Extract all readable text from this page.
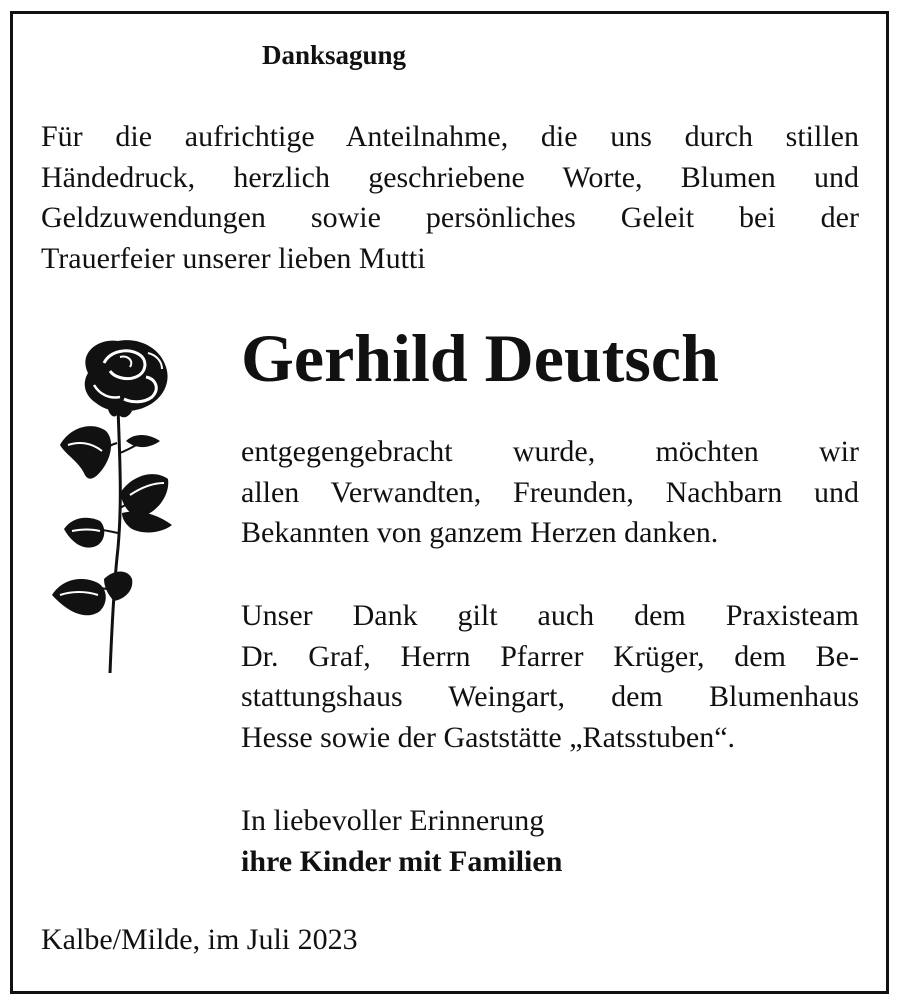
Danksagung
Für die aufrichtige Anteilnahme, die uns durch stillen
Händedruck, herzlich geschriebene Worte, Blumen und
Geldzuwendungen sowie persönliches Geleit bei der
Trauerfeier unserer lieben Mutti
Gerhild Deutsch
entgegengebracht wurde, möchten wir
allen Verwandten, Freunden, Nachbarn und
Bekannten von ganzem Herzen danken.
Unser Dank gilt auch dem Praxisteam
Dr. Graf, Herrn Pfarrer Krüger, dem Be-
stattungshaus Weingart, dem Blumenhaus
Hesse sowie der Gaststätte „Ratsstuben“.
In liebevoller Erinnerung
ihre Kinder mit Familien
Kalbe/Milde, im Juli 2023
